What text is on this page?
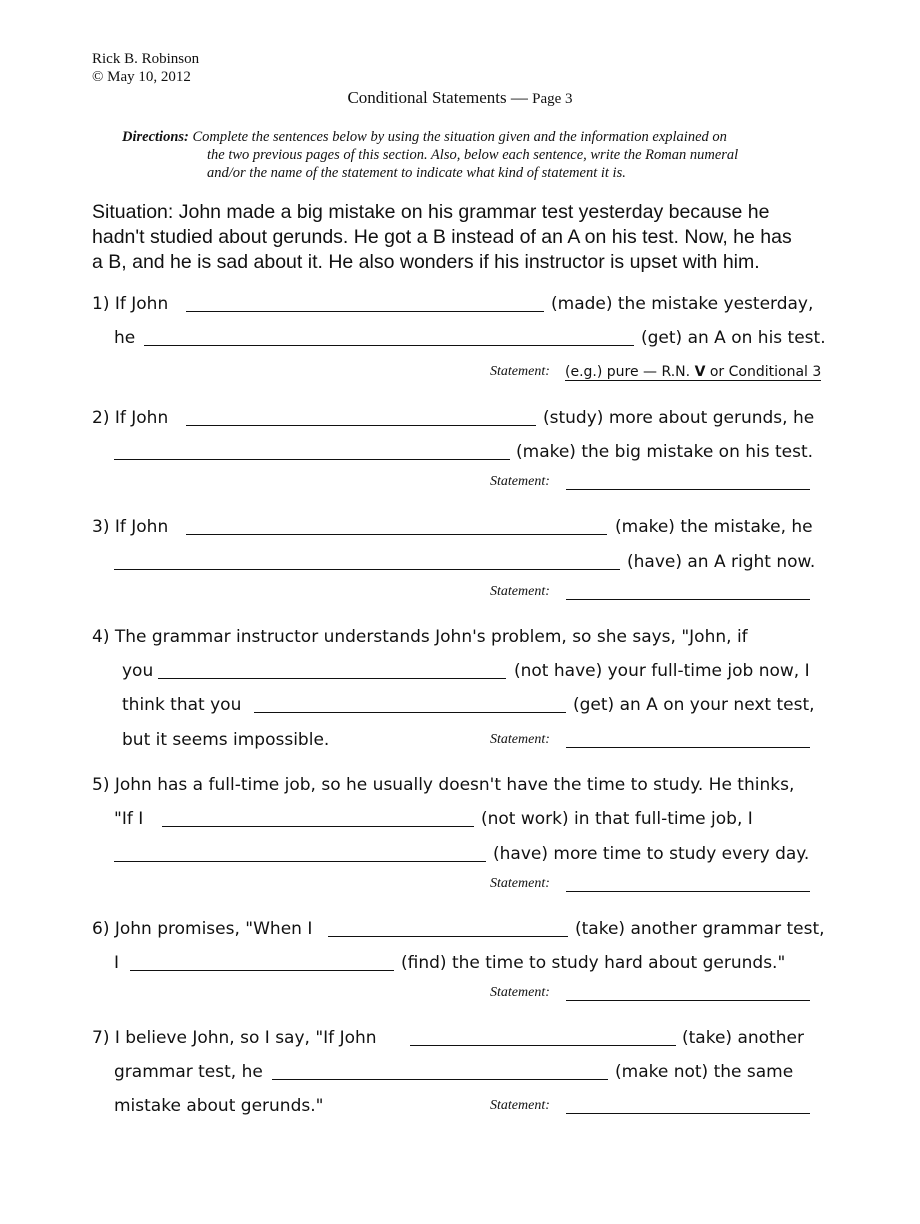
Rick B. Robinson
© May 10, 2012
Conditional Statements — Page 3
Directions: Complete the sentences below by using the situation given and the information explained on
the two previous pages of this section. Also, below each sentence, write the Roman numeral
and/or the name of the statement to indicate what kind of statement it is.
Situation: John made a big mistake on his grammar test yesterday because he
hadn't studied about gerunds. He got a B instead of an A on his test. Now, he has
a B, and he is sad about it. He also wonders if his instructor is upset with him.
1) If John	(made) the mistake yesterday,
he	(get) an A on his test.
Statement: (e.g.) pure — R.N. V or Conditional 3
2) If John	(study) more about gerunds, he
(make) the big mistake on his test.
Statement:
3) If John	(make) the mistake, he
(have) an A right now.
Statement:
4) The grammar instructor understands John's problem, so she says, "John, if
you	(not have) your full-time job now, I
think that you	(get) an A on your next test,
but it seems impossible.	Statement:
5) John has a full-time job, so he usually doesn't have the time to study. He thinks,
"If I	(not work) in that full-time job, I
(have) more time to study every day.
Statement:
6) John promises, "When I	(take) another grammar test,
I	(find) the time to study hard about gerunds."
Statement:
7) I believe John, so I say, "If John	(take) another
grammar test, he	(make not) the same
mistake about gerunds."	Statement:
